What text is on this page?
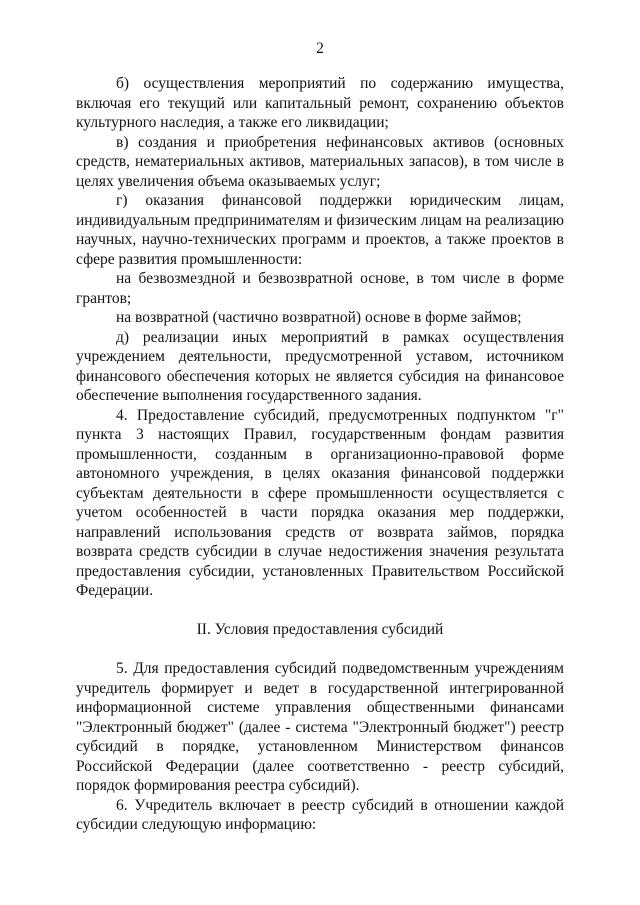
2

б) осуществления мероприятий по содержанию имущества, включая его текущий или капитальный ремонт, сохранению объектов культурного наследия, а также его ликвидации;

в) создания и приобретения нефинансовых активов (основных средств, нематериальных активов, материальных запасов), в том числе в целях увеличения объема оказываемых услуг;

г) оказания финансовой поддержки юридическим лицам, индивидуальным предпринимателям и физическим лицам на реализацию научных, научно-технических программ и проектов, а также проектов в сфере развития промышленности:

на безвозмездной и безвозвратной основе, в том числе в форме грантов;

на возвратной (частично возвратной) основе в форме займов;

д) реализации иных мероприятий в рамках осуществления учреждением деятельности, предусмотренной уставом, источником финансового обеспечения которых не является субсидия на финансовое обеспечение выполнения государственного задания.

4. Предоставление субсидий, предусмотренных подпунктом "г" пункта 3 настоящих Правил, государственным фондам развития промышленности, созданным в организационно-правовой форме автономного учреждения, в целях оказания финансовой поддержки субъектам деятельности в сфере промышленности осуществляется с учетом особенностей в части порядка оказания мер поддержки, направлений использования средств от возврата займов, порядка возврата средств субсидии в случае недостижения значения результата предоставления субсидии, установленных Правительством Российской Федерации.

II. Условия предоставления субсидий

5. Для предоставления субсидий подведомственным учреждениям учредитель формирует и ведет в государственной интегрированной информационной системе управления общественными финансами "Электронный бюджет" (далее - система "Электронный бюджет") реестр субсидий в порядке, установленном Министерством финансов Российской Федерации (далее соответственно - реестр субсидий, порядок формирования реестра субсидий).

6. Учредитель включает в реестр субсидий в отношении каждой субсидии следующую информацию:
